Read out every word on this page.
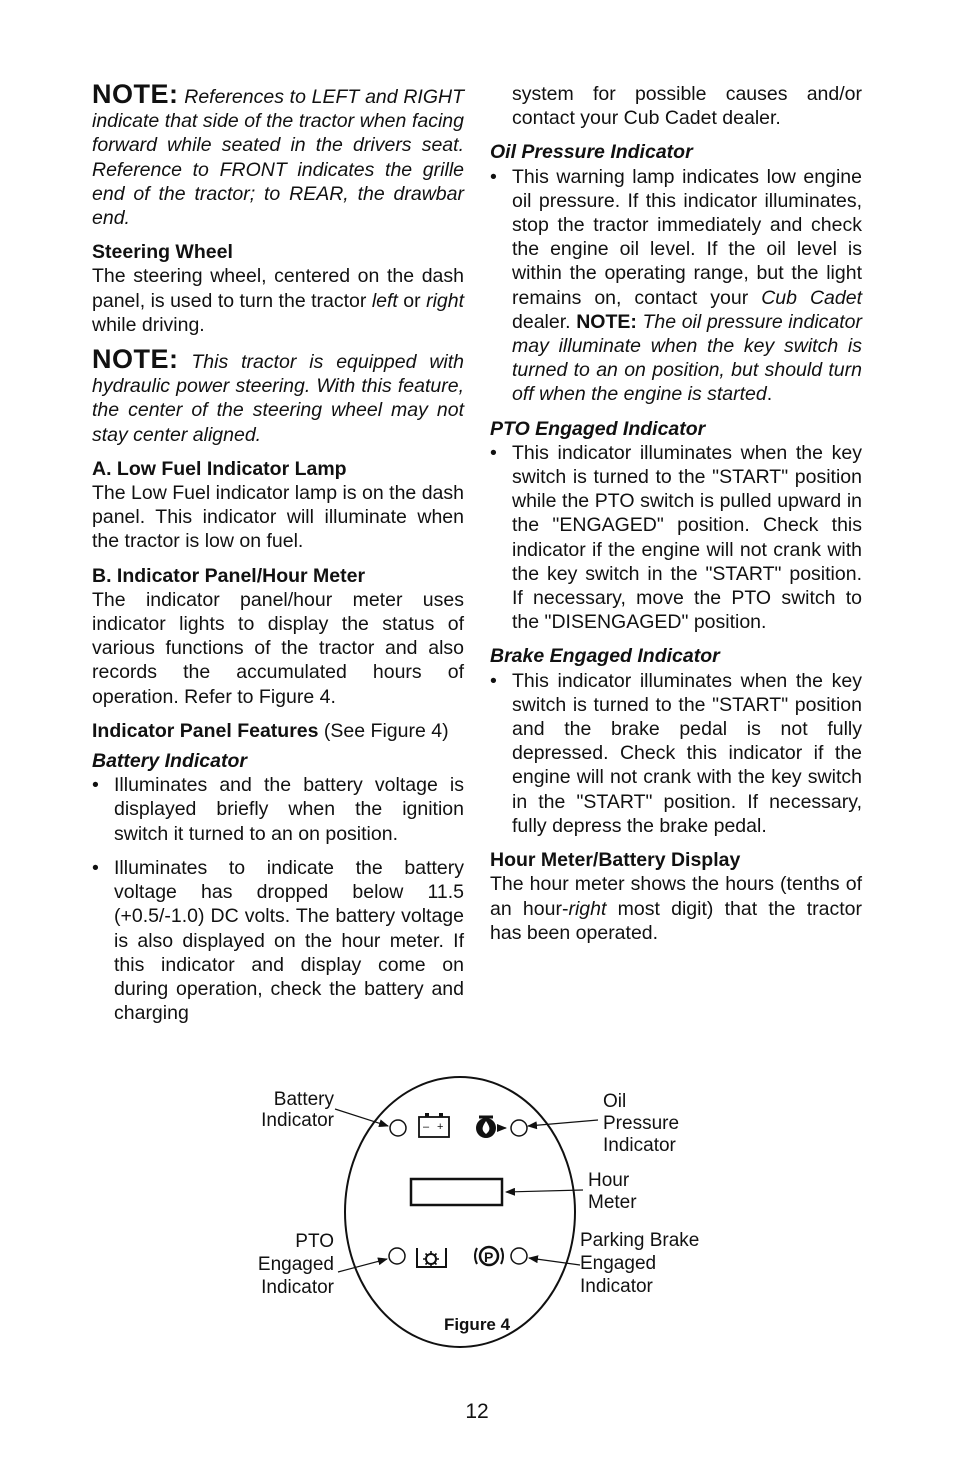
NOTE: References to LEFT and RIGHT indicate that side of the tractor when facing forward while seated in the drivers seat. Reference to FRONT indicates the grille end of the tractor; to REAR, the drawbar end.

Steering Wheel

The steering wheel, centered on the dash panel, is used to turn the tractor left or right while driving.

NOTE: This tractor is equipped with hydraulic power steering. With this feature, the center of the steering wheel may not stay center aligned.

A. Low Fuel Indicator Lamp

The Low Fuel indicator lamp is on the dash panel. This indicator will illuminate when the tractor is low on fuel.

B. Indicator Panel/Hour Meter

The indicator panel/hour meter uses indicator lights to display the status of various functions of the tractor and also records the accumulated hours of operation. Refer to Figure 4.

Indicator Panel Features (See Figure 4)

Battery Indicator

• Illuminates and the battery voltage is displayed briefly when the ignition switch it turned to an on position.

• Illuminates to indicate the battery voltage has dropped below 11.5 (+0.5/-1.0) DC volts. The battery voltage is also displayed on the hour meter. If this indicator and display come on during operation, check the battery and charging

system for possible causes and/or contact your Cub Cadet dealer.

Oil Pressure Indicator

• This warning lamp indicates low engine oil pressure. If this indicator illuminates, stop the tractor immediately and check the engine oil level. If the oil level is within the operating range, but the light remains on, contact your Cub Cadet dealer. NOTE: The oil pressure indicator may illuminate when the key switch is turned to an on position, but should turn off when the engine is started.

PTO Engaged Indicator

• This indicator illuminates when the key switch is turned to the "START" position while the PTO switch is pulled upward in the "ENGAGED" position. Check this indicator if the engine will not crank with the key switch in the "START" position. If necessary, move the PTO switch to the "DISENGAGED" position.

Brake Engaged Indicator

• This indicator illuminates when the key switch is turned to the "START" position and the brake pedal is not fully depressed. Check this indicator if the engine will not crank with the key switch in the "START" position. If necessary, fully depress the brake pedal.

Hour Meter/Battery Display

The hour meter shows the hours (tenths of an hour-right most digit) that the tractor has been operated.

– +
P
Battery
Indicator
Oil
Pressure
Indicator
Hour
Meter
PTO
Engaged
Indicator
Parking Brake
Engaged
Indicator
Figure 4
12
